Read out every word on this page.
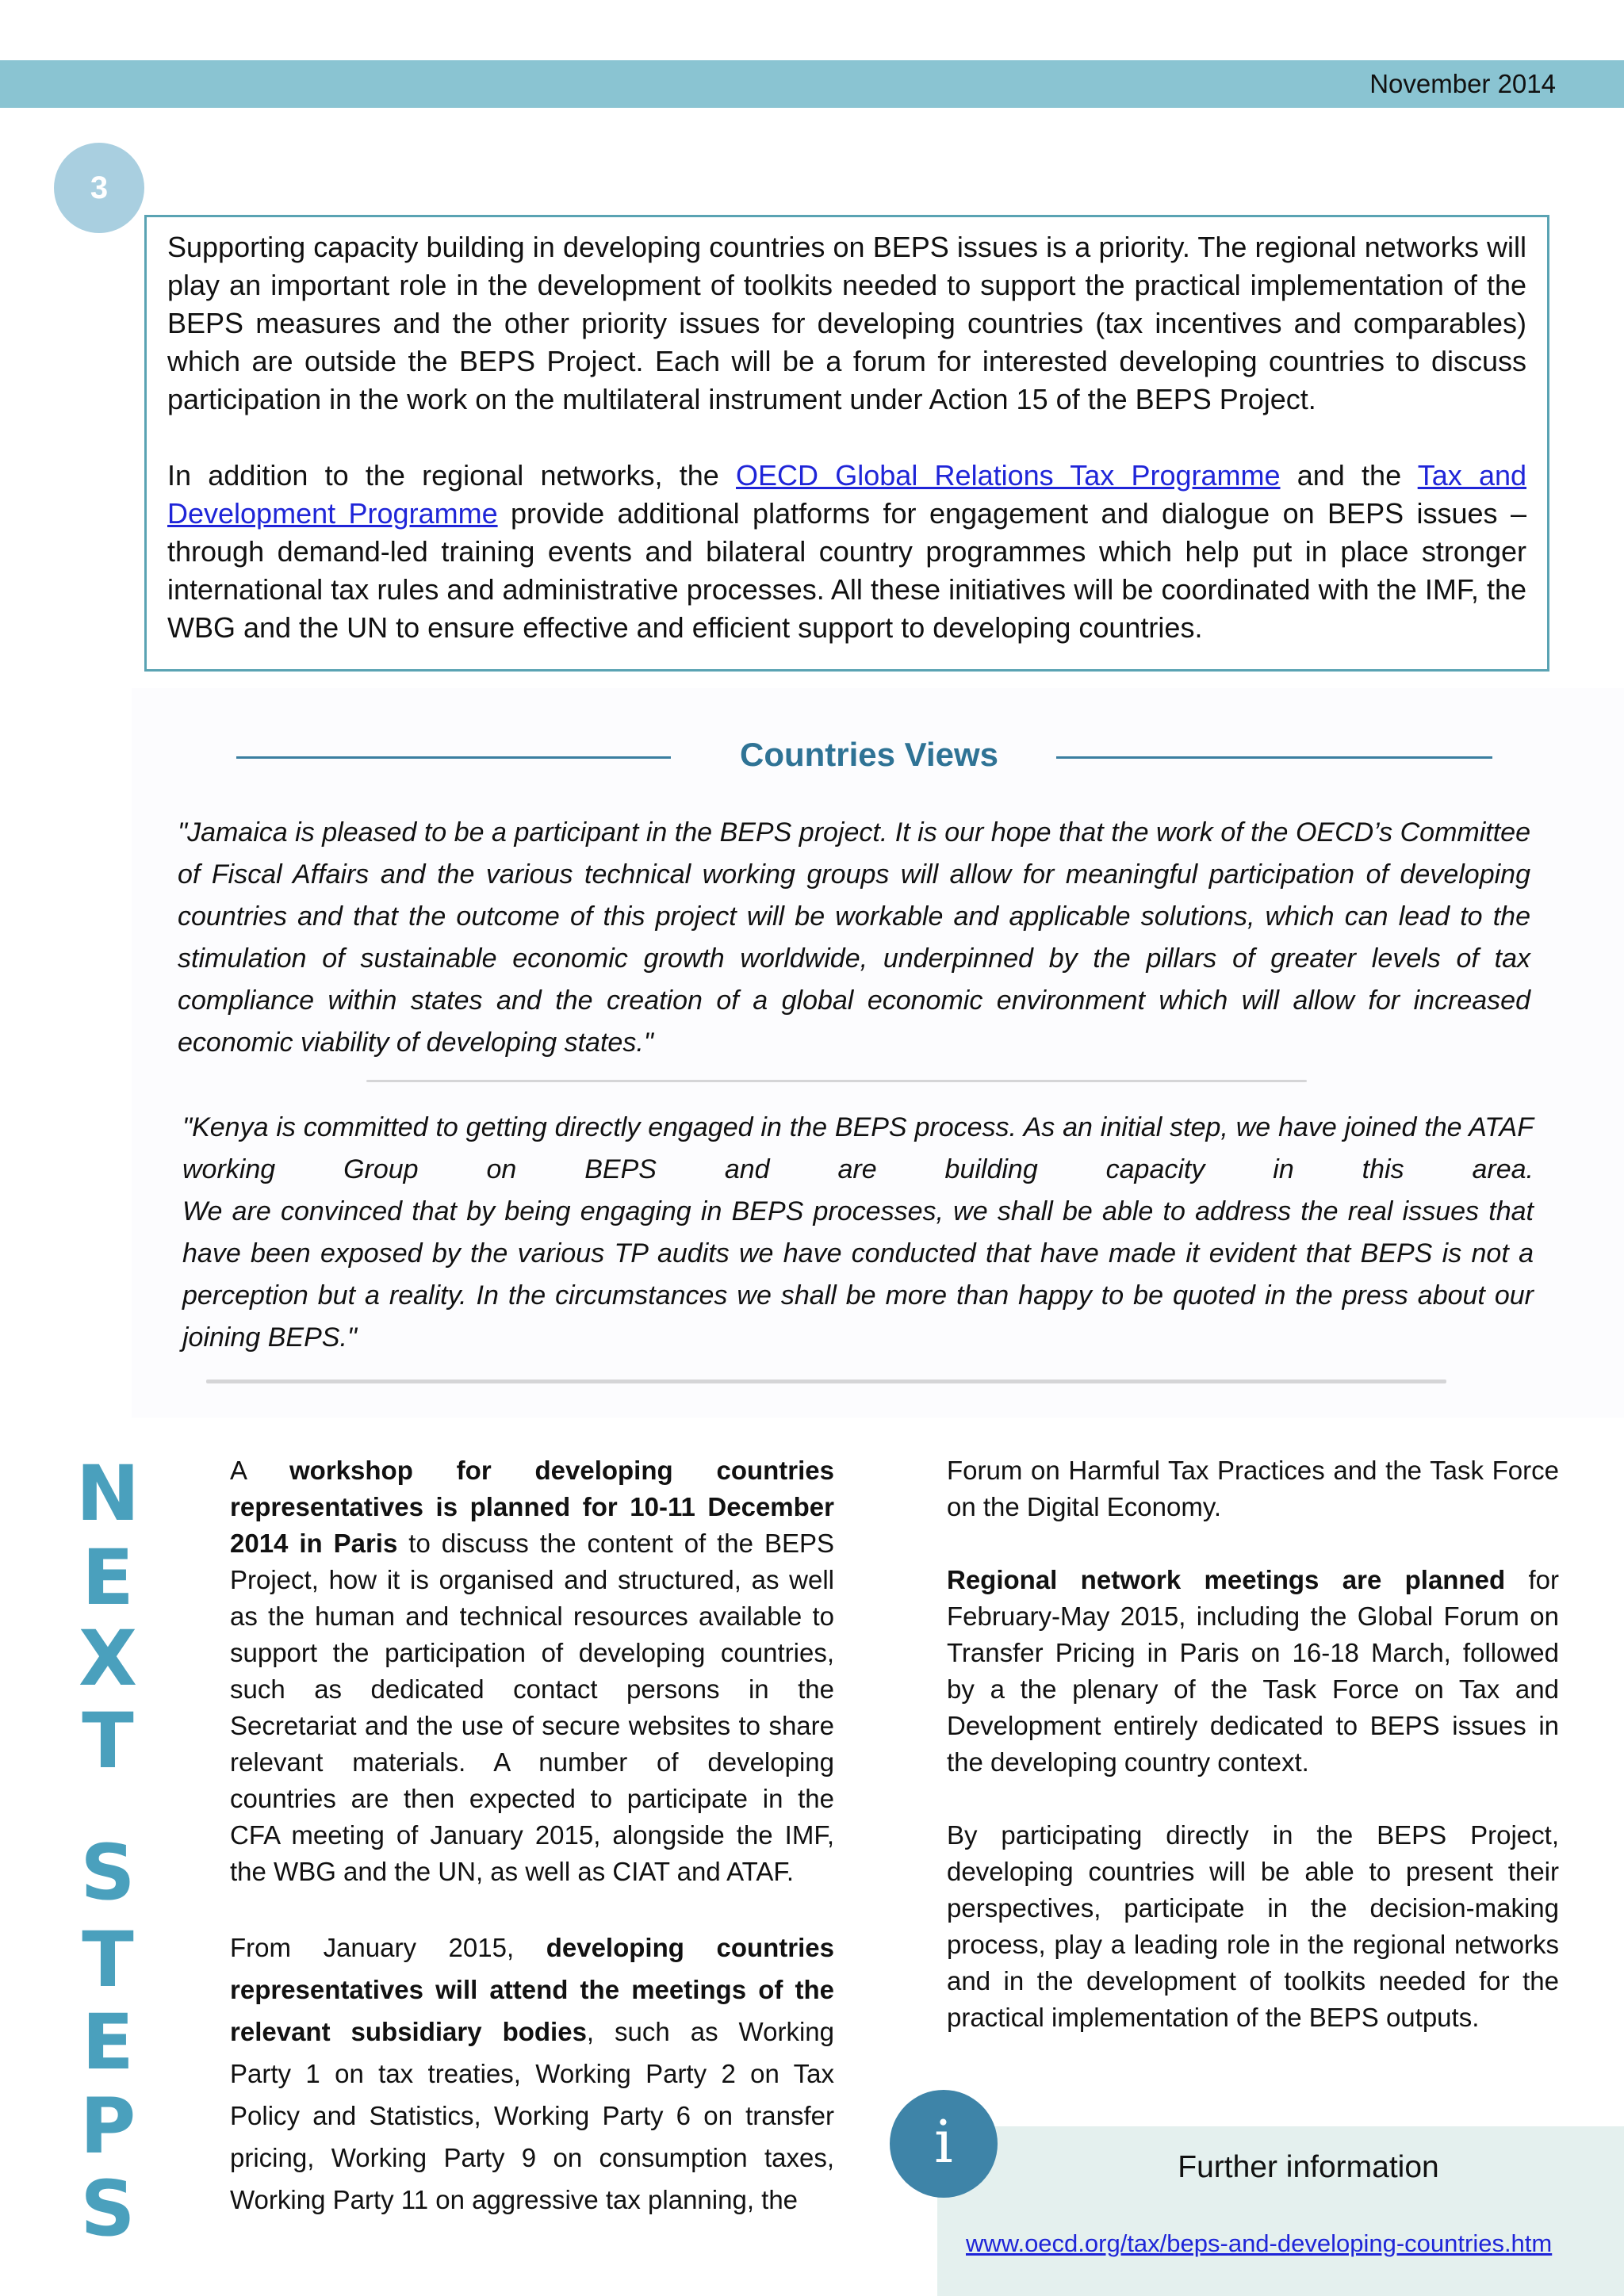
November 2014
3

Supporting capacity building in developing countries on BEPS issues is a priority. The regional networks will play an important role in the development of toolkits needed to support the practical implementation of the BEPS measures and the other priority issues for developing countries (tax incentives and comparables) which are outside the BEPS Project. Each will be a forum for interested developing countries to discuss participation in the work on the multilateral instrument under Action 15 of the BEPS Project.

In addition to the regional networks, the OECD Global Relations Tax Programme and the Tax and Development Programme provide additional platforms for engagement and dialogue on BEPS issues – through demand-led training events and bilateral country programmes which help put in place stronger international tax rules and administrative processes. All these initiatives will be coordinated with the IMF, the WBG and the UN to ensure effective and efficient support to developing countries.

Countries Views

"Jamaica is pleased to be a participant in the BEPS project. It is our hope that the work of the OECD’s Committee of Fiscal Affairs and the various technical working groups will allow for meaningful participation of developing countries and that the outcome of this project will be workable and applicable solutions, which can lead to the stimulation of sustainable economic growth worldwide, underpinned by the pillars of greater levels of tax compliance within states and the creation of a global economic environment which will allow for increased economic viability of developing states."

"Kenya is committed to getting directly engaged in the BEPS process. As an initial step, we have joined the ATAF working Group on BEPS and are building capacity in this area.

We are convinced that by being engaging in BEPS processes, we shall be able to address the real issues that have been exposed by the various TP audits we have conducted that have made it evident that BEPS is not a perception but a reality. In the circumstances we shall be more than happy to be quoted in the press about our joining BEPS."

N
E
X
T
S
T
E
P
S

A workshop for developing countries representatives is planned for 10-11 December 2014 in Paris to discuss the content of the BEPS Project, how it is organised and structured, as well as the human and technical resources available to support the participation of developing countries, such as dedicated contact persons in the Secretariat and the use of secure websites to share relevant materials. A number of developing countries are then expected to participate in the CFA meeting of January 2015, alongside the IMF, the WBG and the UN, as well as CIAT and ATAF.

From January 2015, developing countries representatives will attend the meetings of the relevant subsidiary bodies, such as Working Party 1 on tax treaties, Working Party 2 on Tax Policy and Statistics, Working Party 6 on transfer pricing, Working Party 9 on consumption taxes, Working Party 11 on aggressive tax planning, the

Forum on Harmful Tax Practices and the Task Force on the Digital Economy.

Regional network meetings are planned for February-May 2015, including the Global Forum on Transfer Pricing in Paris on 16-18 March, followed by a the plenary of the Task Force on Tax and Development entirely dedicated to BEPS issues in the developing country context.

By participating directly in the BEPS Project, developing countries will be able to present their perspectives, participate in the decision-making process, play a leading role in the regional networks and in the development of toolkits needed for the practical implementation of the BEPS outputs.

i	Further information
www.oecd.org/tax/beps-and-developing-countries.htm
